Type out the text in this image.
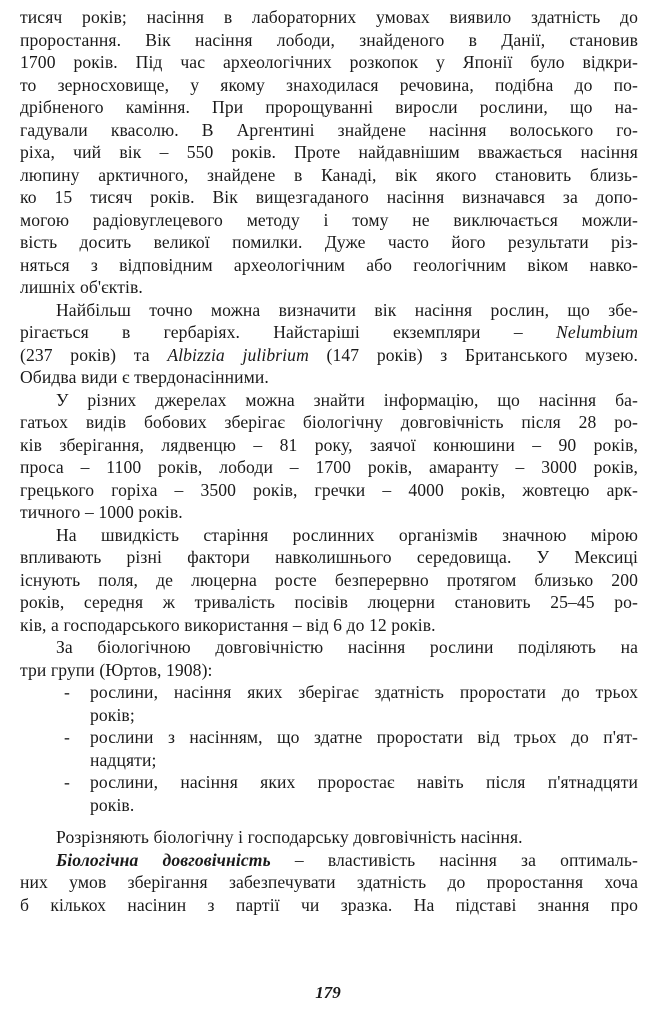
тисяч років; насіння в лабораторних умовах виявило здатність до
проростання. Вік насіння лободи, знайденого в Данії, становив
1700 років. Під час археологічних розкопок у Японії було відкри-
то зерносховище, у якому знаходилася речовина, подібна до по-
дрібненого каміння. При пророщуванні виросли рослини, що на-
гадували квасолю. В Аргентині знайдене насіння волоського го-
ріха, чий вік – 550 років. Проте найдавнішим вважається насіння
люпину арктичного, знайдене в Канаді, вік якого становить близь-
ко 15 тисяч років. Вік вищезгаданого насіння визначався за допо-
могою радіовуглецевого методу і тому не виключається можли-
вість досить великої помилки. Дуже часто його результати різ-
няться з відповідним археологічним або геологічним віком навко-
лишніх об'єктів.
Найбільш точно можна визначити вік насіння рослин, що збе-
рігається в гербаріях. Найстаріші екземпляри – Nelumbium
(237 років) та Albizzia julibrium (147 років) з Британського музею.
Обидва види є твердонасінними.
У різних джерелах можна знайти інформацію, що насіння ба-
гатьох видів бобових зберігає біологічну довговічність після 28 ро-
ків зберігання, лядвенцю – 81 року, заячої конюшини – 90 років,
проса – 1100 років, лободи – 1700 років, амаранту – 3000 років,
грецького горіха – 3500 років, гречки – 4000 років, жовтецю арк-
тичного – 1000 років.
На швидкість старіння рослинних організмів значною мірою
впливають різні фактори навколишнього середовища. У Мексиці
існують поля, де люцерна росте безперервно протягом близько 200
років, середня ж тривалість посівів люцерни становить 25–45 ро-
ків, а господарського використання – від 6 до 12 років.
За біологічною довговічністю насіння рослини поділяють на
три групи (Юртов, 1908):
- рослини, насіння яких зберігає здатність проростати до трьох
років;
- рослини з насінням, що здатне проростати від трьох до п'ят-
надцяти;
- рослини, насіння яких проростає навіть після п'ятнадцяти
років.
Розрізняють біологічну і господарську довговічність насіння.
Біологічна довговічність – властивість насіння за оптималь-
них умов зберігання забезпечувати здатність до проростання хоча
б кількох насінин з партії чи зразка. На підставі знання про
179
